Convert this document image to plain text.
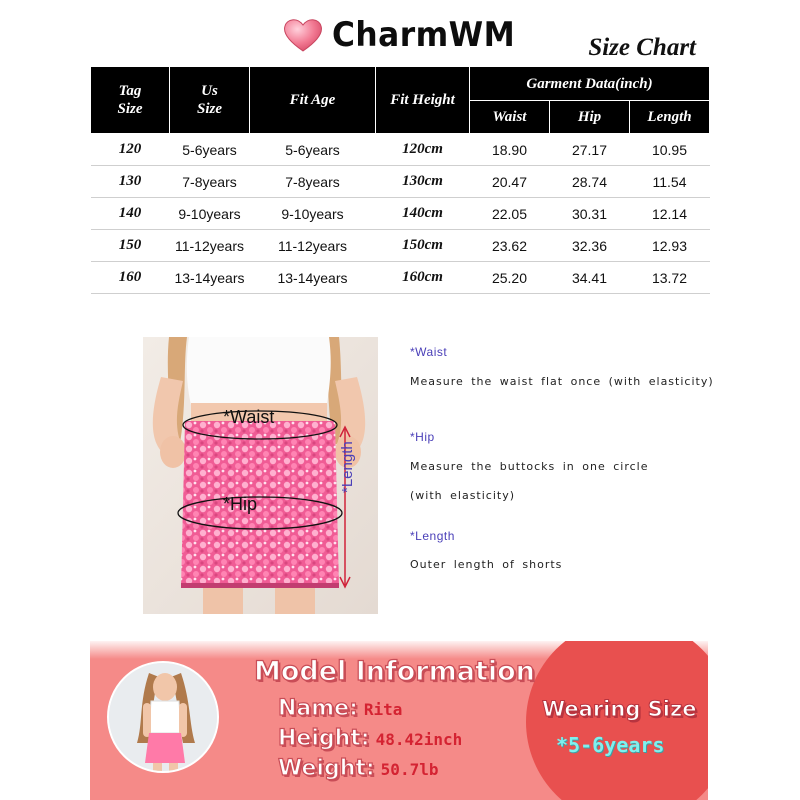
CharmWM	Size Chart
Tag Size	Us Size	Fit Age	Fit Height	Garment Data(inch)		
				Waist	Hip	Length
120	5-6years	5-6years	120cm	18.90	27.17	10.95
130	7-8years	7-8years	130cm	20.47	28.74	11.54
140	9-10years	9-10years	140cm	22.05	30.31	12.14
150	11-12years	11-12years	150cm	23.62	32.36	12.93
160	13-14years	13-14years	160cm	25.20	34.41	13.72
*Waist
*Hip
*Length
*Waist
Measure the waist flat once (with elasticity)
*Hip
Measure the buttocks in one circle
(with elasticity)
*Length
Outer length of shorts
Model Information
Name: Rita
Height: 48.42inch
Weight: 50.7lb
Wearing Size
*5-6years
